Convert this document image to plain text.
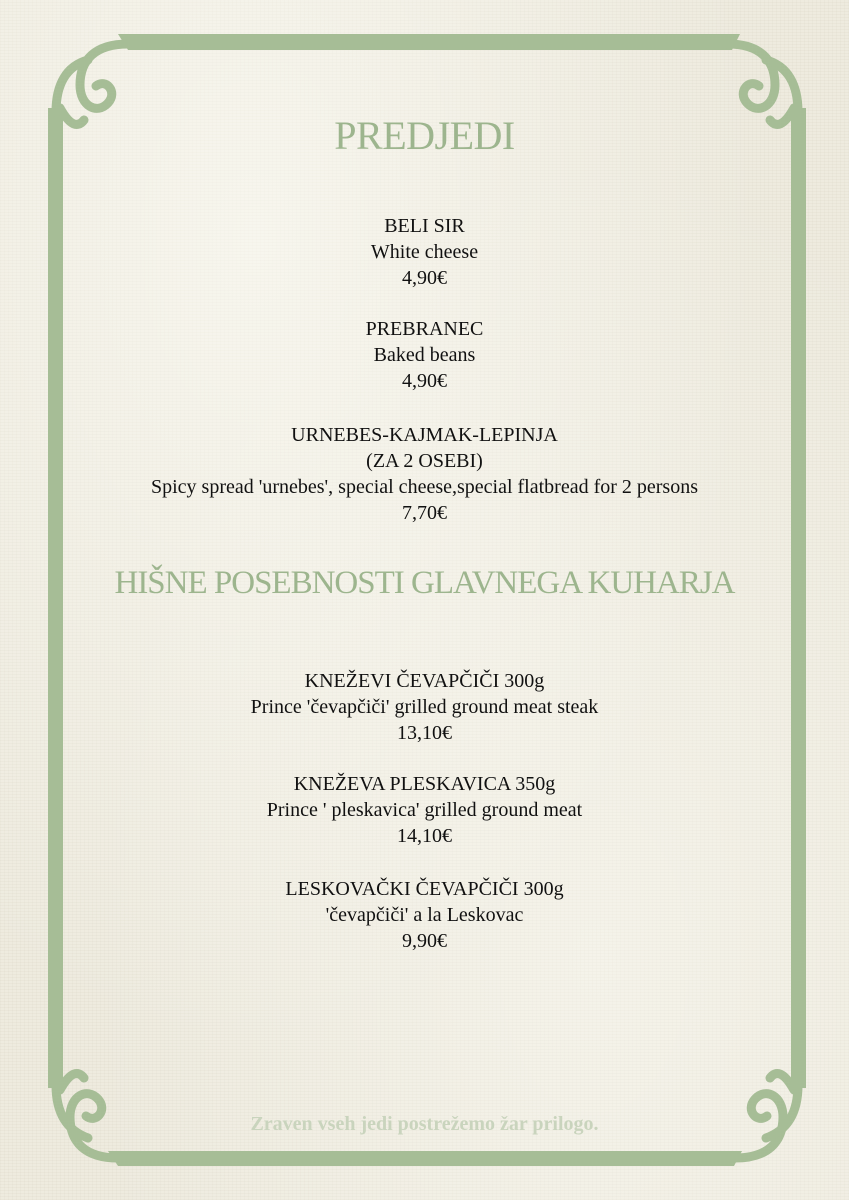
PREDJEDI
BELI SIR
White cheese
4,90€
PREBRANEC
Baked beans
4,90€
URNEBES-KAJMAK-LEPINJA
(ZA 2 OSEBI)
Spicy spread 'urnebes', special cheese,special flatbread for 2 persons
7,70€
HIŠNE POSEBNOSTI GLAVNEGA KUHARJA
KNEŽEVI ČEVAPČIČI 300g
Prince 'čevapčiči' grilled ground meat steak
13,10€
KNEŽEVA PLESKAVICA 350g
Prince ' pleskavica' grilled ground meat
14,10€
LESKOVAČKI ČEVAPČIČI 300g
'čevapčiči' a la Leskovac
9,90€
Zraven vseh jedi postrežemo žar prilogo.
